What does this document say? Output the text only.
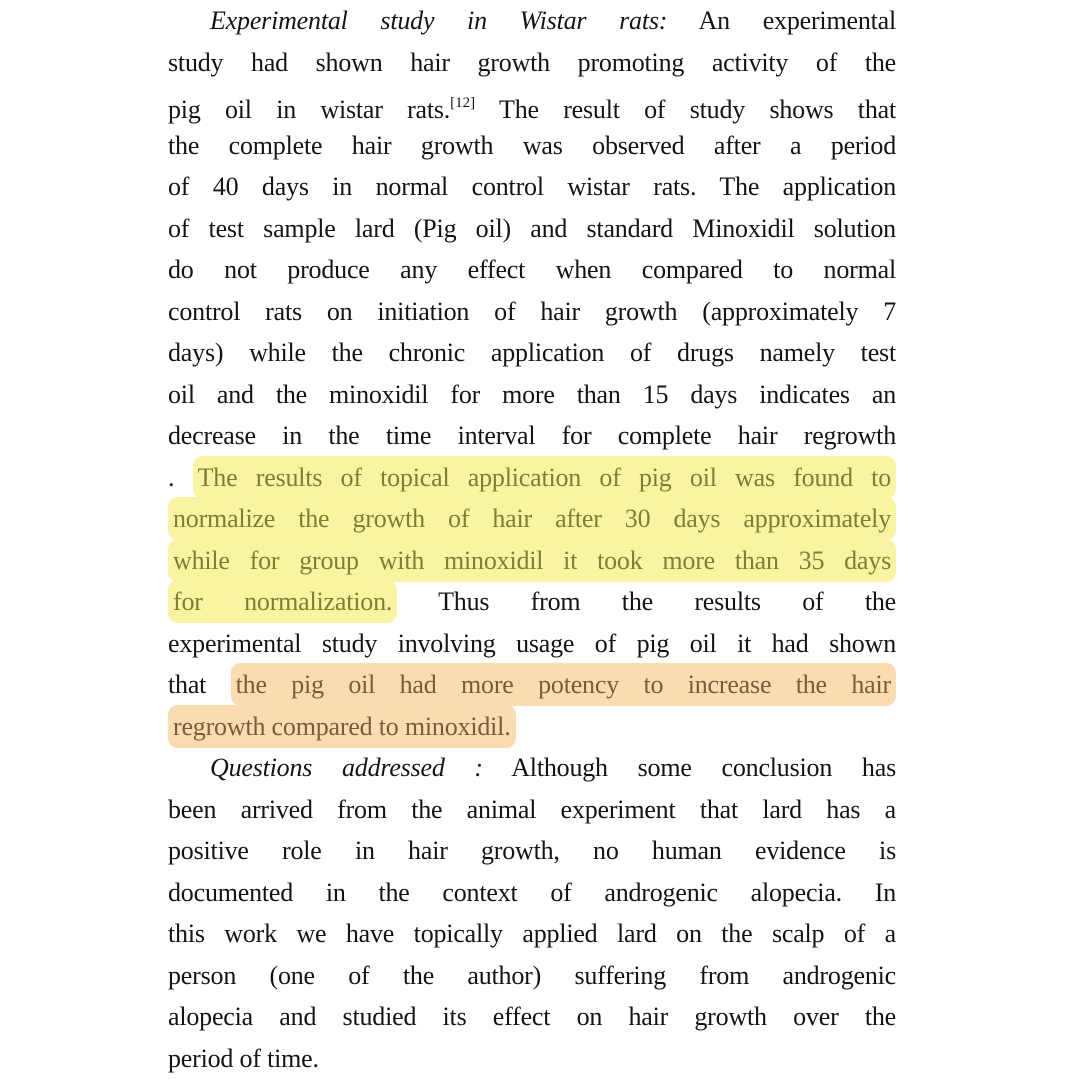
Experimental study in Wistar rats: An experimental
study had shown hair growth promoting activity of the
pig oil in wistar rats.[12] The result of study shows that
the complete hair growth was observed after a period
of 40 days in normal control wistar rats. The application
of test sample lard (Pig oil) and standard Minoxidil solution
do not produce any effect when compared to normal
control rats on initiation of hair growth (approximately 7
days) while the chronic application of drugs namely test
oil and the minoxidil for more than 15 days indicates an
decrease in the time interval for complete hair regrowth
. The results of topical application of pig oil was found to
normalize the growth of hair after 30 days approximately
while for group with minoxidil it took more than 35 days
for normalization. Thus from the results of the
experimental study involving usage of pig oil it had shown
that the pig oil had more potency to increase the hair
regrowth compared to minoxidil.
Questions addressed : Although some conclusion has
been arrived from the animal experiment that lard has a
positive role in hair growth, no human evidence is
documented in the context of androgenic alopecia. In
this work we have topically applied lard on the scalp of a
person (one of the author) suffering from androgenic
alopecia and studied its effect on hair growth over the
period of time.
